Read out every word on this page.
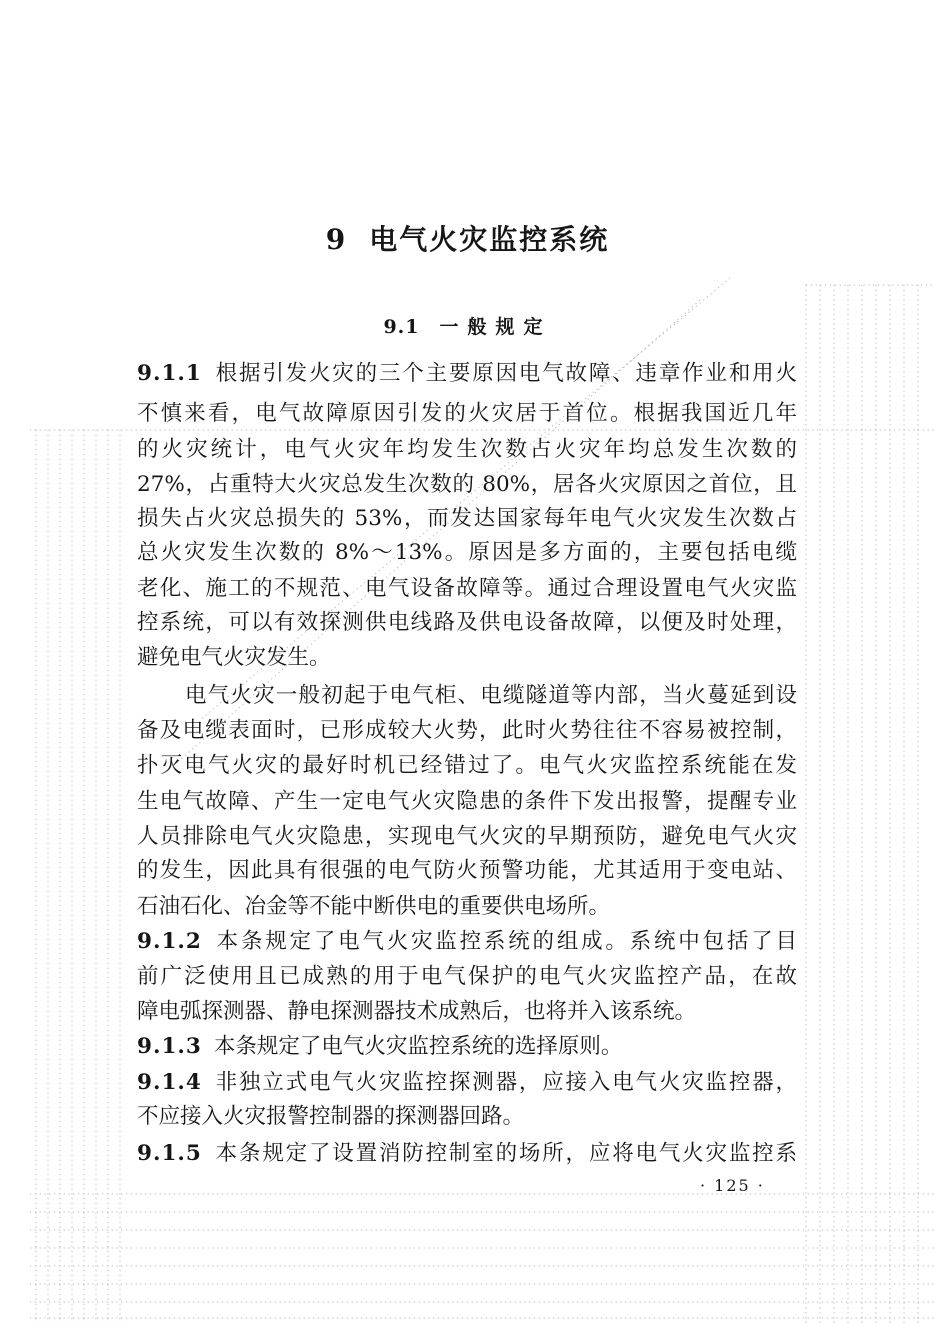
9 电气火灾监控系统
9.1 一般规定
9.1.1 根据引发火灾的三个主要原因电气故障、违章作业和用火
不慎来看，电气故障原因引发的火灾居于首位。根据我国近几年
的火灾统计，电气火灾年均发生次数占火灾年均总发生次数的
27%，占重特大火灾总发生次数的 80%，居各火灾原因之首位，且
损失占火灾总损失的 53%，而发达国家每年电气火灾发生次数占
总火灾发生次数的 8%～13%。原因是多方面的，主要包括电缆
老化、施工的不规范、电气设备故障等。通过合理设置电气火灾监
控系统，可以有效探测供电线路及供电设备故障，以便及时处理，
避免电气火灾发生。
电气火灾一般初起于电气柜、电缆隧道等内部，当火蔓延到设
备及电缆表面时，已形成较大火势，此时火势往往不容易被控制，
扑灭电气火灾的最好时机已经错过了。电气火灾监控系统能在发
生电气故障、产生一定电气火灾隐患的条件下发出报警，提醒专业
人员排除电气火灾隐患，实现电气火灾的早期预防，避免电气火灾
的发生，因此具有很强的电气防火预警功能，尤其适用于变电站、
石油石化、冶金等不能中断供电的重要供电场所。
9.1.2 本条规定了电气火灾监控系统的组成。系统中包括了目
前广泛使用且已成熟的用于电气保护的电气火灾监控产品，在故
障电弧探测器、静电探测器技术成熟后，也将并入该系统。
9.1.3 本条规定了电气火灾监控系统的选择原则。
9.1.4 非独立式电气火灾监控探测器，应接入电气火灾监控器，
不应接入火灾报警控制器的探测器回路。
9.1.5 本条规定了设置消防控制室的场所，应将电气火灾监控系
· 125 ·
